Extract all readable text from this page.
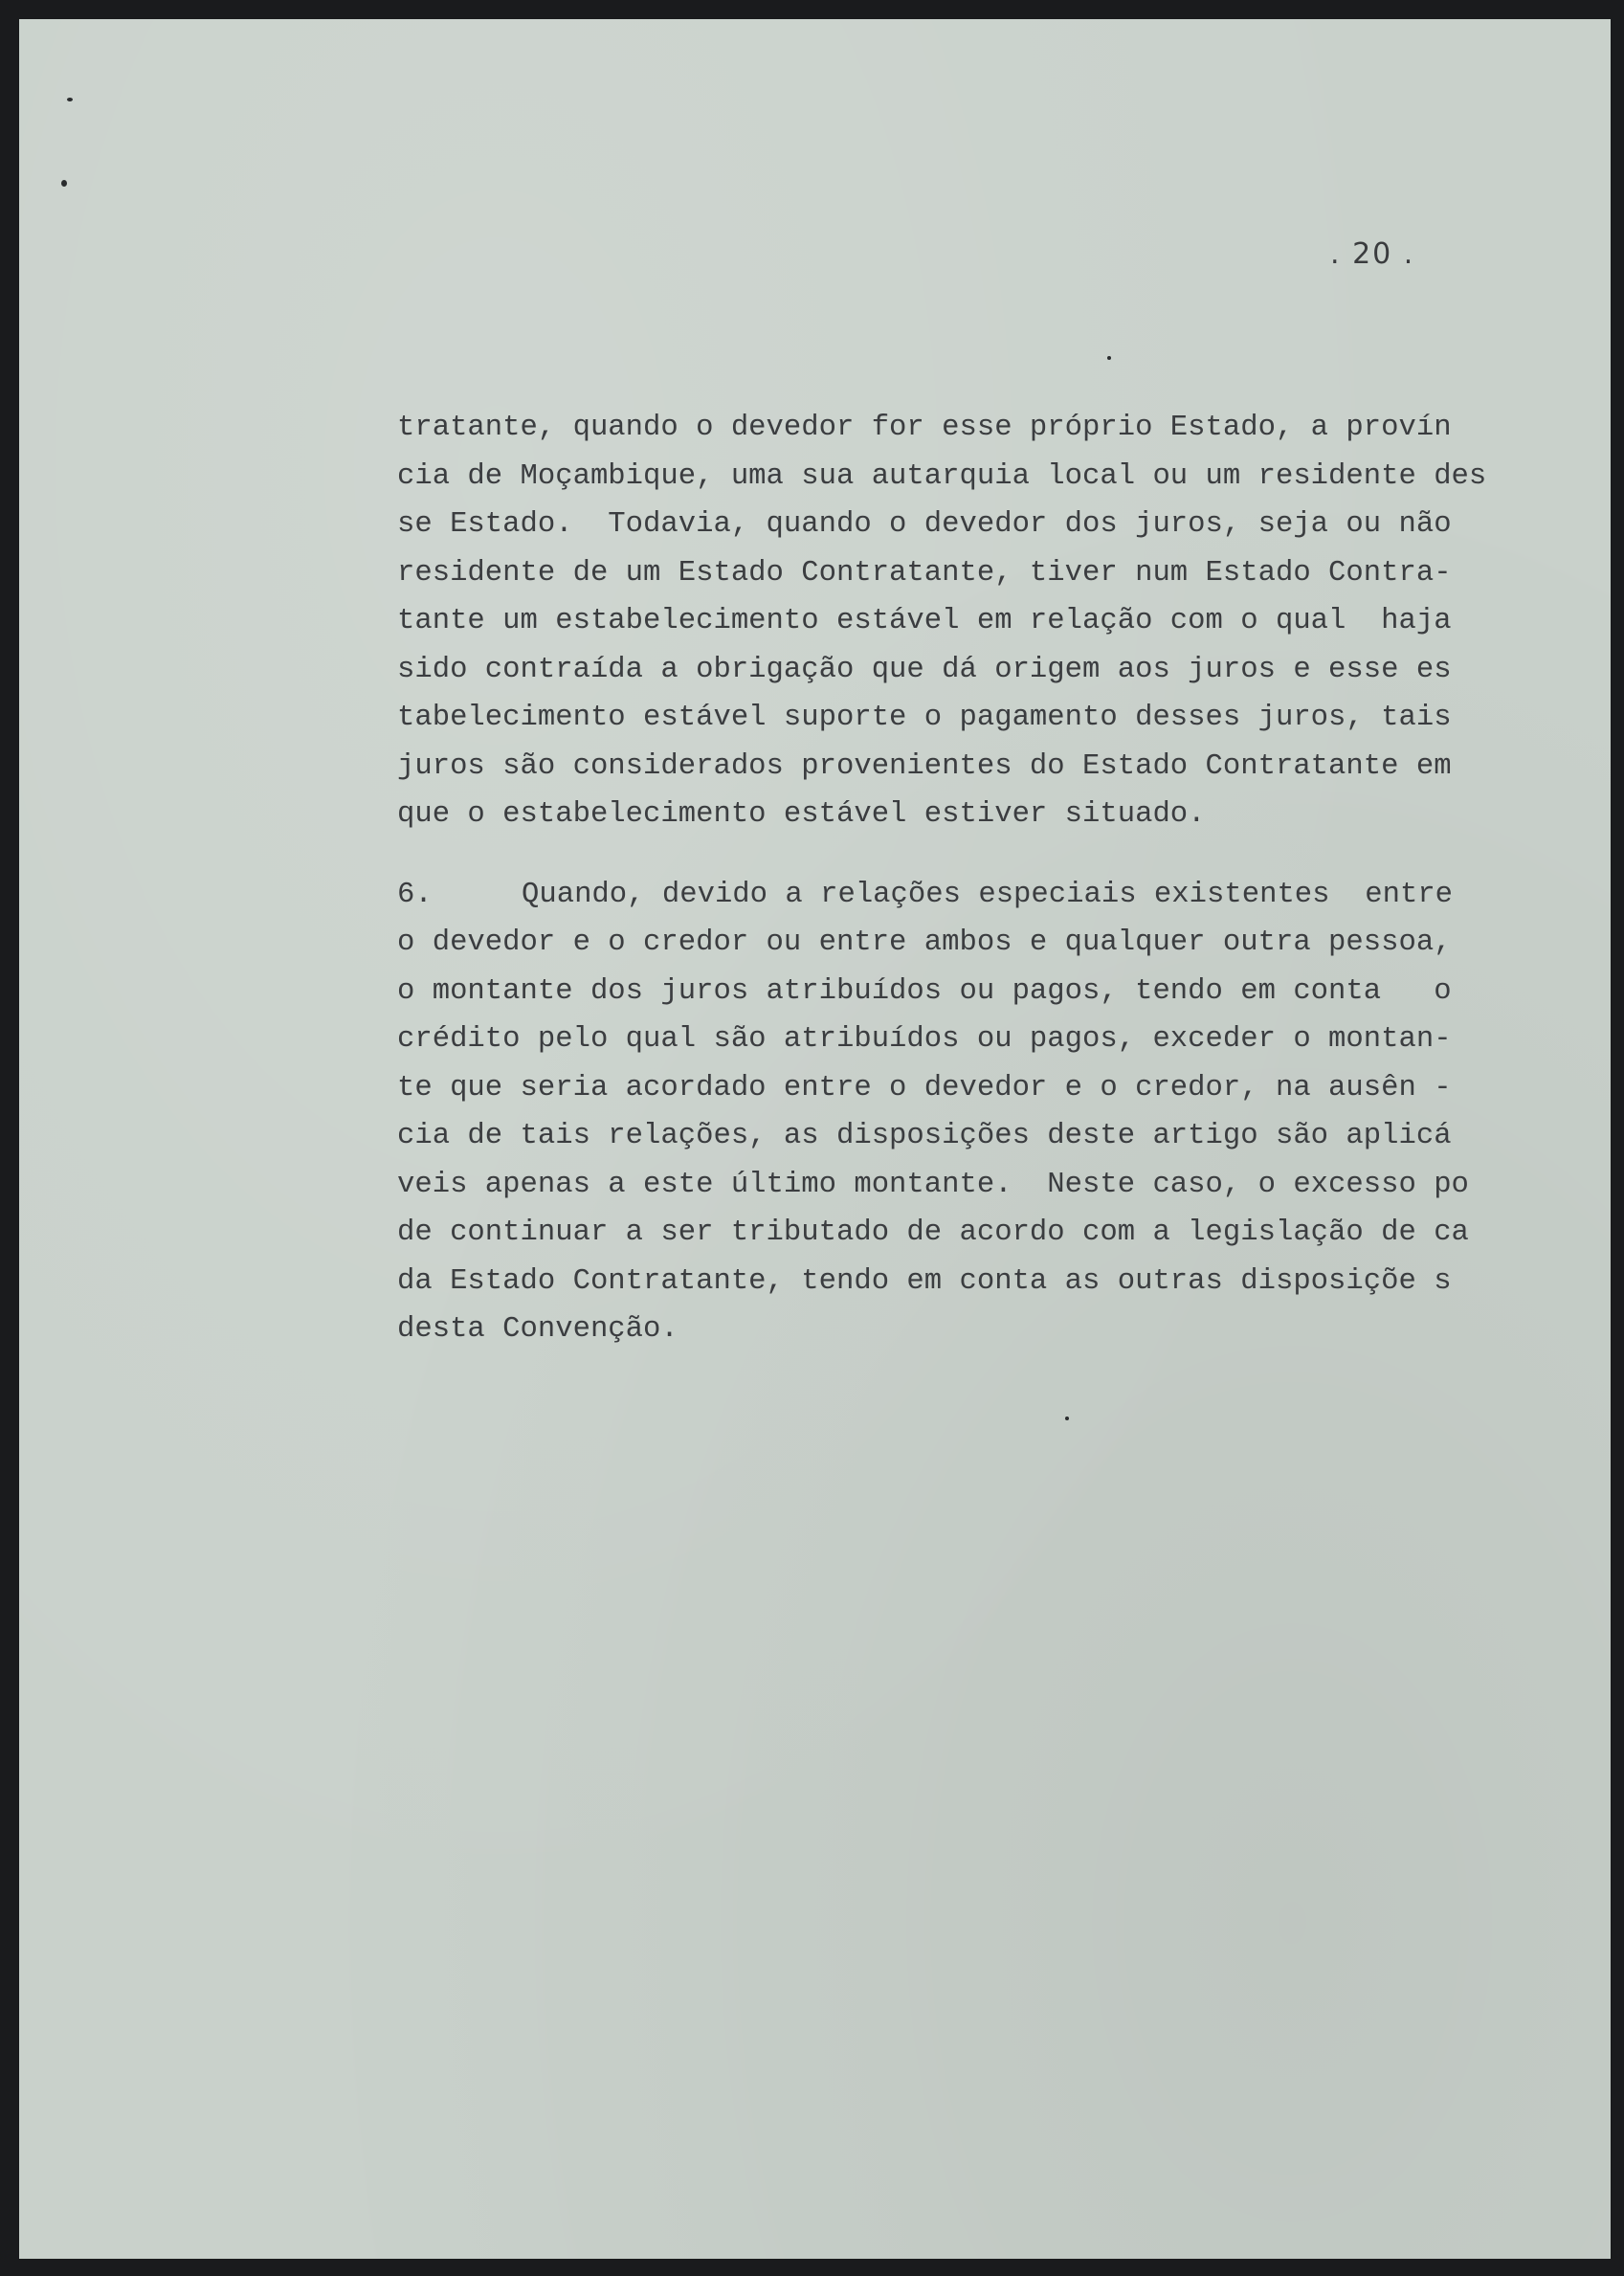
. 20 .
tratante, quando o devedor for esse próprio Estado, a provín
cia de Moçambique, uma sua autarquia local ou um residente des
se Estado.  Todavia, quando o devedor dos juros, seja ou não
residente de um Estado Contratante, tiver num Estado Contra-
tante um estabelecimento estável em relação com o qual  haja
sido contraída a obrigação que dá origem aos juros e esse es
tabelecimento estável suporte o pagamento desses juros, tais
juros são considerados provenientes do Estado Contratante em
que o estabelecimento estável estiver situado.
6.	Quando, devido a relações especiais existentes  entre
o devedor e o credor ou entre ambos e qualquer outra pessoa,
o montante dos juros atribuídos ou pagos, tendo em conta   o
crédito pelo qual são atribuídos ou pagos, exceder o montan-
te que seria acordado entre o devedor e o credor, na ausên -
cia de tais relações, as disposições deste artigo são aplicá
veis apenas a este último montante.  Neste caso, o excesso po
de continuar a ser tributado de acordo com a legislação de ca
da Estado Contratante, tendo em conta as outras disposiçõe s
desta Convenção.
